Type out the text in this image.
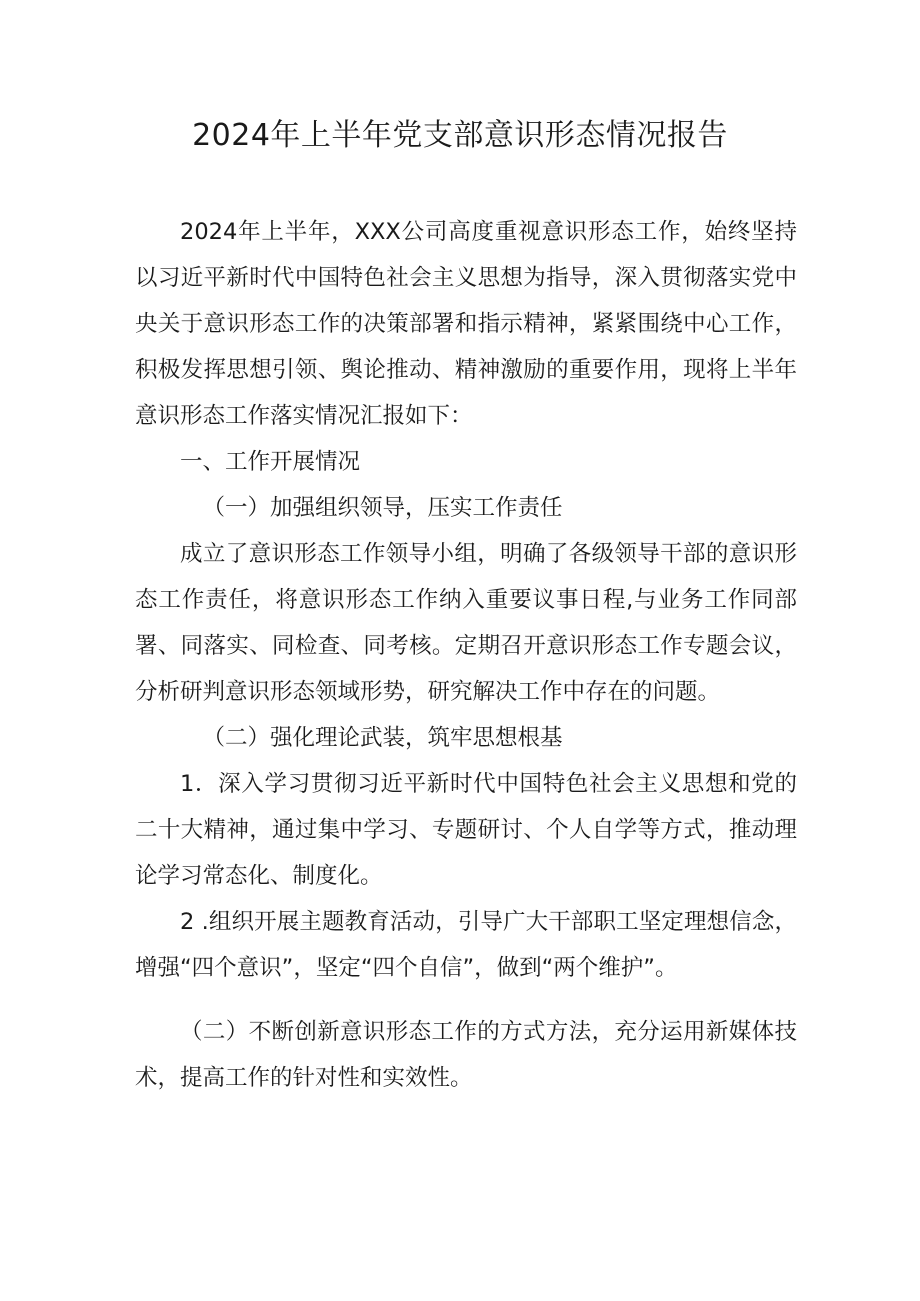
2024年上半年党支部意识形态情况报告

2024年上半年，XXX公司高度重视意识形态工作，始终坚持以习近平新时代中国特色社会主义思想为指导，深入贯彻落实党中央关于意识形态工作的决策部署和指示精神，紧紧围绕中心工作，积极发挥思想引领、舆论推动、精神激励的重要作用，现将上半年意识形态工作落实情况汇报如下：

一、工作开展情况

（一）加强组织领导，压实工作责任

成立了意识形态工作领导小组，明确了各级领导干部的意识形态工作责任，将意识形态工作纳入重要议事日程,与业务工作同部署、同落实、同检查、同考核。定期召开意识形态工作专题会议，分析研判意识形态领域形势，研究解决工作中存在的问题。

（二）强化理论武装，筑牢思想根基

1．深入学习贯彻习近平新时代中国特色社会主义思想和党的二十大精神，通过集中学习、专题研讨、个人自学等方式，推动理论学习常态化、制度化。

2 .组织开展主题教育活动，引导广大干部职工坚定理想信念，增强“四个意识”，坚定“四个自信”，做到“两个维护”。

（二）不断创新意识形态工作的方式方法，充分运用新媒体技术，提高工作的针对性和实效性。
